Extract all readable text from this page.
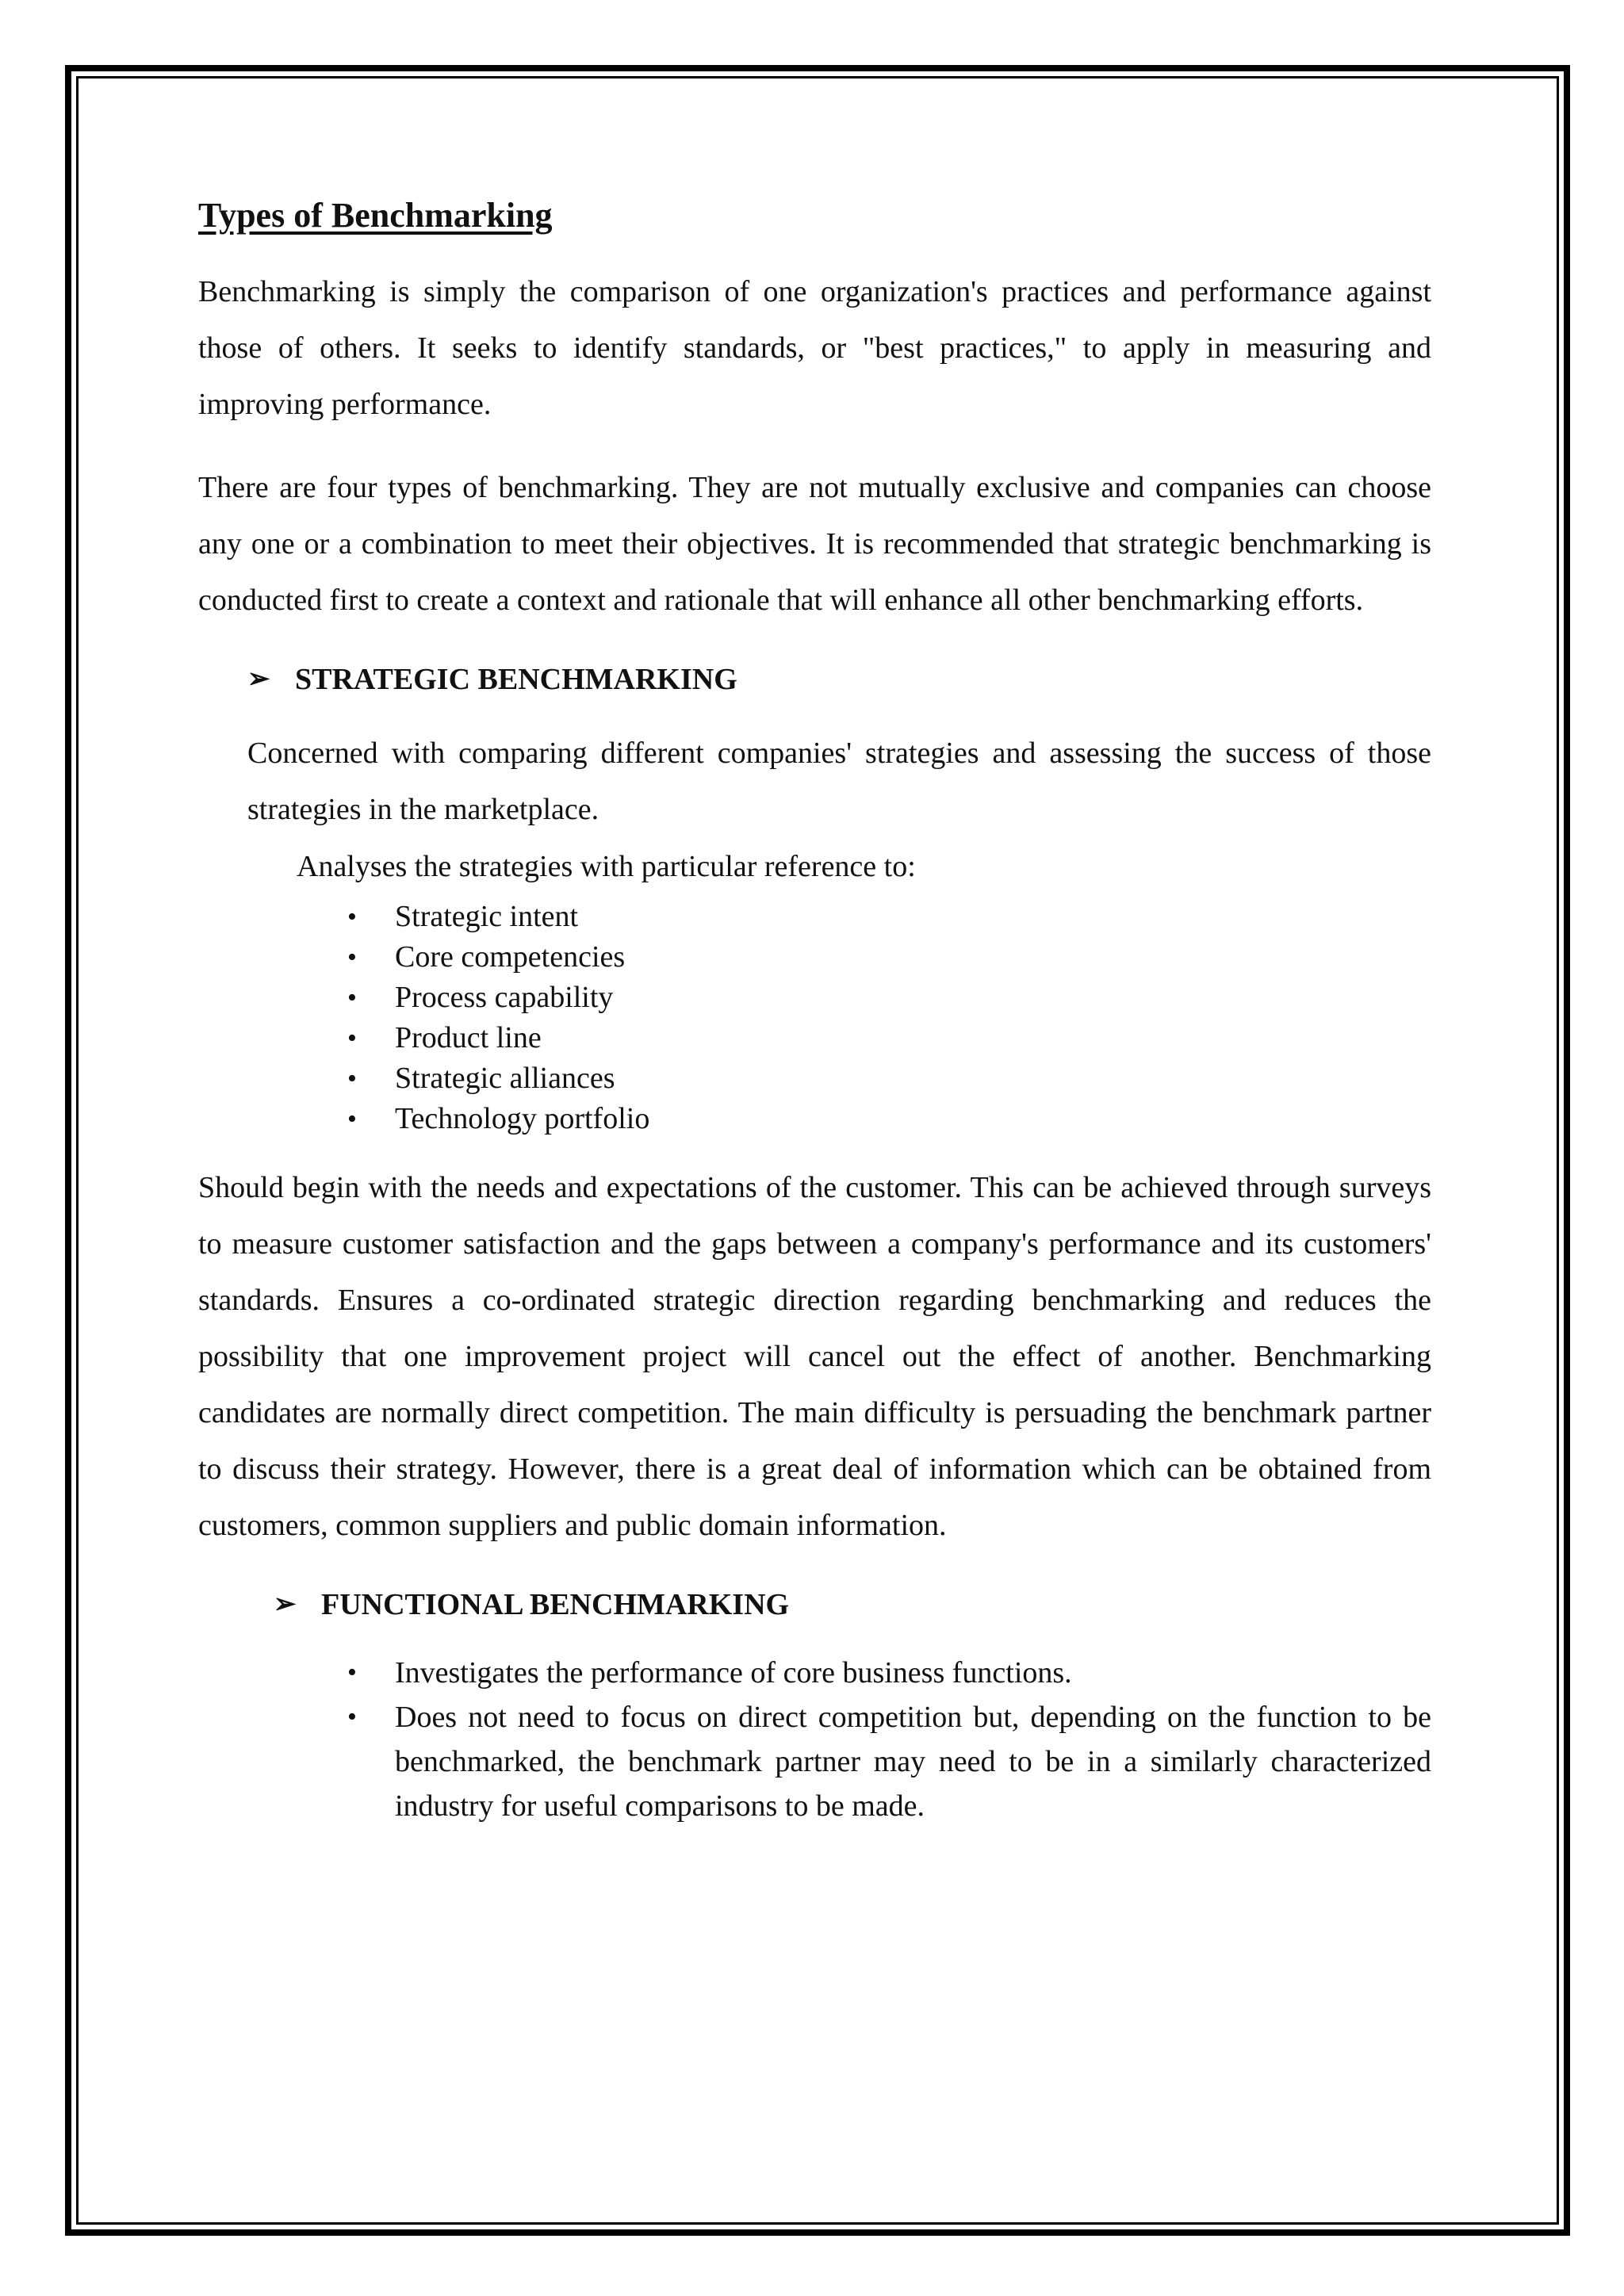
Types of Benchmarking

Benchmarking is simply the comparison of one organization's practices and performance against those of others. It seeks to identify standards, or "best practices," to apply in measuring and improving performance.

There are four types of benchmarking. They are not mutually exclusive and companies can choose any one or a combination to meet their objectives. It is recommended that strategic benchmarking is conducted first to create a context and rationale that will enhance all other benchmarking efforts.

➢ STRATEGIC BENCHMARKING

Concerned with comparing different companies' strategies and assessing the success of those strategies in the marketplace.

Analyses the strategies with particular reference to:

• Strategic intent
• Core competencies
• Process capability
• Product line
• Strategic alliances
• Technology portfolio

Should begin with the needs and expectations of the customer. This can be achieved through surveys to measure customer satisfaction and the gaps between a company's performance and its customers' standards. Ensures a co-ordinated strategic direction regarding benchmarking and reduces the possibility that one improvement project will cancel out the effect of another. Benchmarking candidates are normally direct competition. The main difficulty is persuading the benchmark partner to discuss their strategy. However, there is a great deal of information which can be obtained from customers, common suppliers and public domain information.

➢ FUNCTIONAL BENCHMARKING
• Investigates the performance of core business functions.
• Does not need to focus on direct competition but, depending on the function to be benchmarked, the benchmark partner may need to be in a similarly characterized industry for useful comparisons to be made.
